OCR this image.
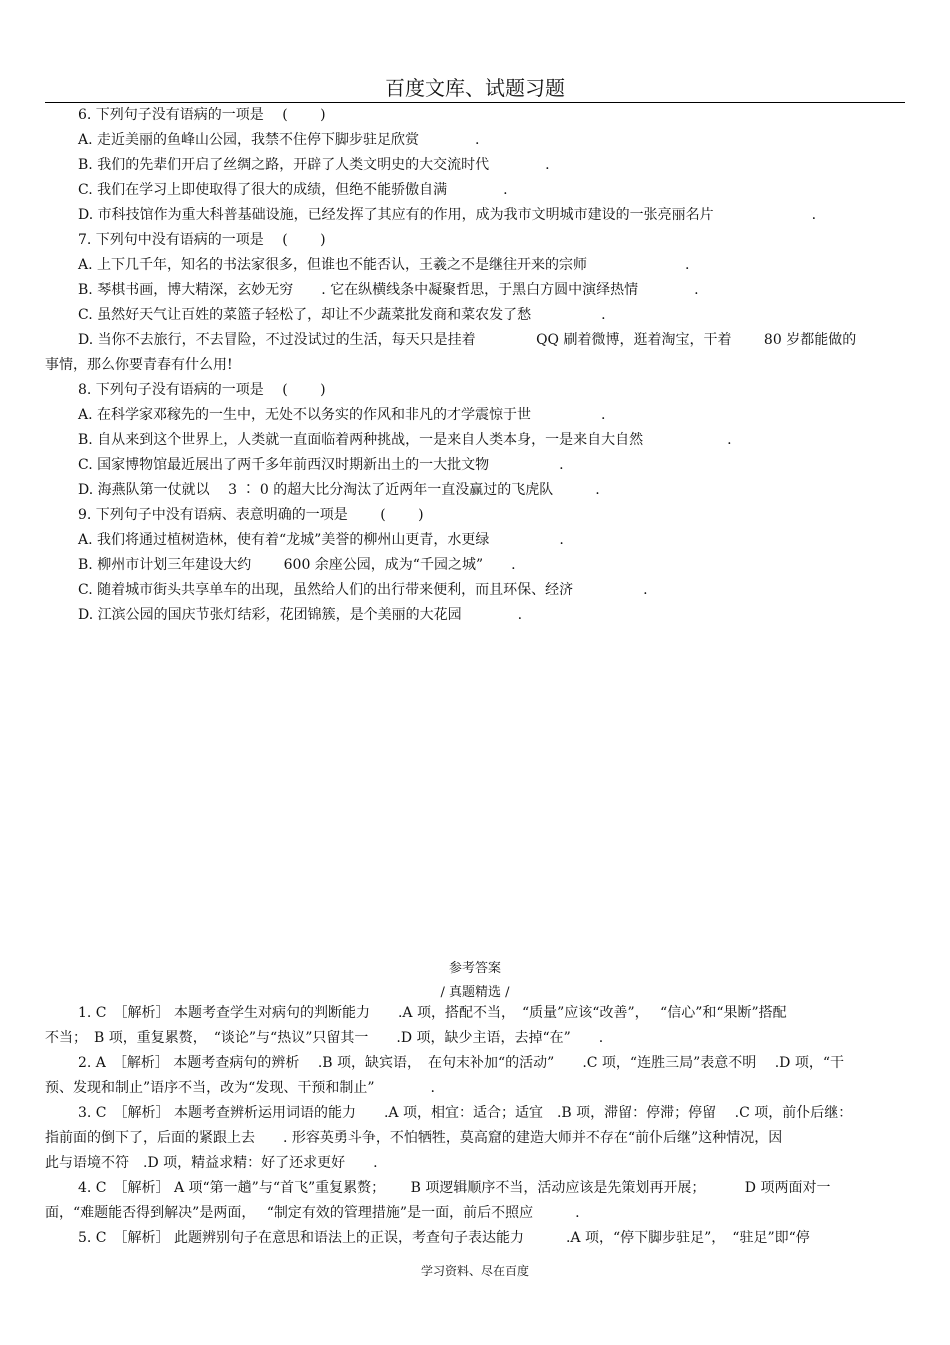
百度文库、试题习题
6. 下列句子没有语病的一项是　 (　　 )
A. 走近美丽的鱼峰山公园，我禁不住停下脚步驻足欣赏　　　　.
B. 我们的先辈们开启了丝绸之路，开辟了人类文明史的大交流时代　　　　.
C. 我们在学习上即使取得了很大的成绩，但绝不能骄傲自满　　　　.
D. 市科技馆作为重大科普基础设施，已经发挥了其应有的作用，成为我市文明城市建设的一张亮丽名片　　　　　　　.
7. 下列句中没有语病的一项是　 (　　 )
A. 上下几千年，知名的书法家很多，但谁也不能否认，王羲之不是继往开来的宗师　　　　　　　.
B. 琴棋书画，博大精深，玄妙无穷　　. 它在纵横线条中凝聚哲思，于黑白方圆中演绎热情　　　　.
C. 虽然好天气让百姓的菜篮子轻松了，却让不少蔬菜批发商和菜农发了愁　　　　　.
D. 当你不去旅行，不去冒险，不过没试过的生活，每天只是挂着　　　　 QQ 刷着微博，逛着淘宝，干着　　 80 岁都能做的
事情，那么你要青春有什么用!
8. 下列句子没有语病的一项是　 (　　 )
A. 在科学家邓稼先的一生中，无处不以务实的作风和非凡的才学震惊于世　　　　　.
B. 自从来到这个世界上，人类就一直面临着两种挑战，一是来自人类本身，一是来自大自然　　　　　　.
C. 国家博物馆最近展出了两千多年前西汉时期新出土的一大批文物　　　　　.
D. 海燕队第一仗就以　 3 ∶ 0 的超大比分淘汰了近两年一直没赢过的飞虎队　　　.
9. 下列句子中没有语病、表意明确的一项是　　 (　　 )
A. 我们将通过植树造林，使有着“龙城”美誉的柳州山更青，水更绿　　　　　.
B. 柳州市计划三年建设大约　　 600 余座公园，成为“千园之城”　　.
C. 随着城市街头共享单车的出现，虽然给人们的出行带来便利，而且环保、经济　　　　　.
D. 江滨公园的国庆节张灯结彩，花团锦簇，是个美丽的大花园　　　　.
参考答案
/ 真题精选 /
1. C　［解析］ 本题考查学生对病句的判断能力　　.A 项，搭配不当，　“质量”应该“改善”，　 “信心”和“果断”搭配
不当；　B 项，重复累赘，　“谈论”与“热议”只留其一　　.D 项，缺少主语，去掉“在”　　.
2. A　［解析］ 本题考查病句的辨析　 .B 项，缺宾语，　在句末补加“的活动”　　.C 项，“连胜三局”表意不明　 .D 项，“干
预、发现和制止”语序不当，改为“发现、干预和制止”　　　　.
3. C　［解析］ 本题考查辨析运用词语的能力　　.A 项，相宜：适合；适宜　.B 项，滞留：停滞；停留　 .C 项，前仆后继：
指前面的倒下了，后面的紧跟上去　　. 形容英勇斗争，不怕牺牲，莫高窟的建造大师并不存在“前仆后继”这种情况，因
此与语境不符　.D 项，精益求精：好了还求更好　　.
4. C　［解析］ A 项“第一趟”与“首飞”重复累赘；　　 B 项逻辑顺序不当，活动应该是先策划再开展；　　　 D 项两面对一
面，“难题能否得到解决”是两面，　 “制定有效的管理措施”是一面，前后不照应　　　.
5. C　［解析］ 此题辨别句子在意思和语法上的正误，考查句子表达能力　　　.A 项，“停下脚步驻足”，　“驻足”即“停
学习资料、尽在百度
